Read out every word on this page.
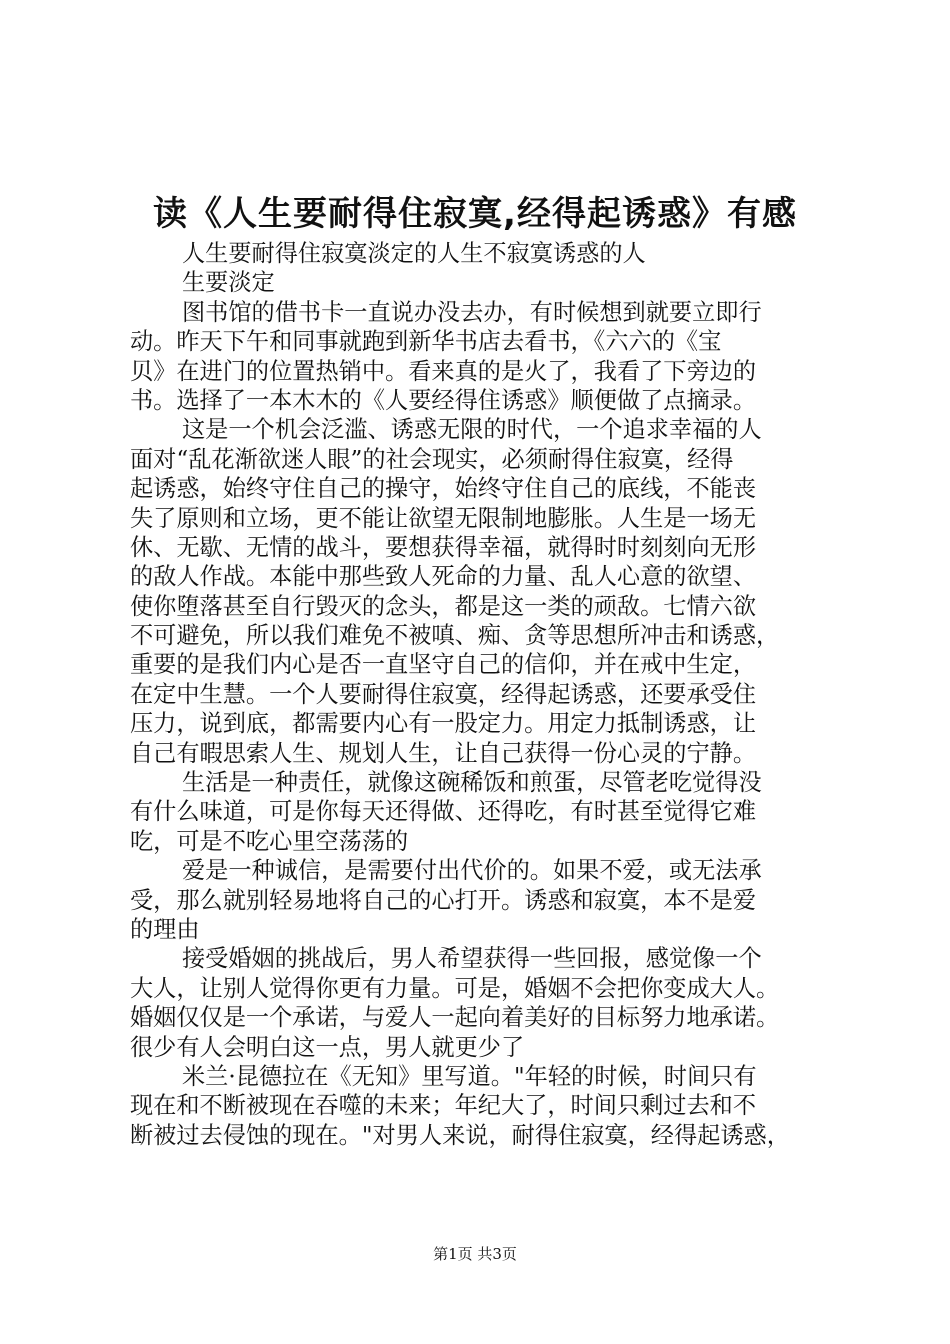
读《人生要耐得住寂寞,经得起诱惑》有感
人生要耐得住寂寞淡定的人生不寂寞诱惑的人
生要淡定
图书馆的借书卡一直说办没去办，有时候想到就要立即行
动。昨天下午和同事就跑到新华书店去看书，《六六的《宝
贝》在进门的位置热销中。看来真的是火了，我看了下旁边的
书。选择了一本木木的《人要经得住诱惑》顺便做了点摘录。
这是一个机会泛滥、诱惑无限的时代，一个追求幸福的人
面对“乱花渐欲迷人眼”的社会现实，必须耐得住寂寞，经得
起诱惑，始终守住自己的操守，始终守住自己的底线，不能丧
失了原则和立场，更不能让欲望无限制地膨胀。人生是一场无
休、无歇、无情的战斗，要想获得幸福，就得时时刻刻向无形
的敌人作战。本能中那些致人死命的力量、乱人心意的欲望、
使你堕落甚至自行毁灭的念头，都是这一类的顽敌。七情六欲
不可避免，所以我们难免不被嗔、痴、贪等思想所冲击和诱惑，
重要的是我们内心是否一直坚守自己的信仰，并在戒中生定，
在定中生慧。一个人要耐得住寂寞，经得起诱惑，还要承受住
压力，说到底，都需要内心有一股定力。用定力抵制诱惑，让
自己有暇思索人生、规划人生，让自己获得一份心灵的宁静。
生活是一种责任，就像这碗稀饭和煎蛋，尽管老吃觉得没
有什么味道，可是你每天还得做、还得吃，有时甚至觉得它难
吃，可是不吃心里空荡荡的
爱是一种诚信，是需要付出代价的。如果不爱，或无法承
受，那么就别轻易地将自己的心打开。诱惑和寂寞，本不是爱
的理由
接受婚姻的挑战后，男人希望获得一些回报，感觉像一个
大人，让别人觉得你更有力量。可是，婚姻不会把你变成大人。
婚姻仅仅是一个承诺，与爱人一起向着美好的目标努力地承诺。
很少有人会明白这一点，男人就更少了
米兰·昆德拉在《无知》里写道。"年轻的时候，时间只有
现在和不断被现在吞噬的未来；年纪大了，时间只剩过去和不
断被过去侵蚀的现在。"对男人来说，耐得住寂寞，经得起诱惑，
第1页 共3页
